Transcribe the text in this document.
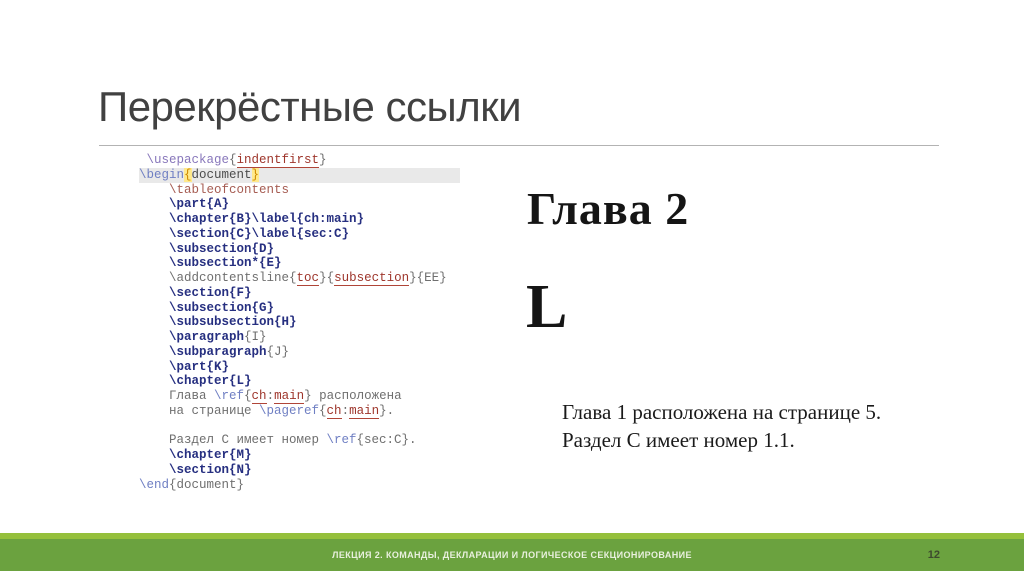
Перекрёстные ссылки
\usepackage{indentfirst}
\begin{document}
\tableofcontents
\part{A}
\chapter{B}\label{ch:main}
\section{C}\label{sec:C}
\subsection{D}
\subsection*{E}
\addcontentsline{toc}{subsection}{EE}
\section{F}
\subsection{G}
\subsubsection{H}
\paragraph{I}
\subparagraph{J}
\part{K}
\chapter{L}
Глава \ref{ch:main} расположена
на странице \pageref{ch:main}.

Раздел C имеет номер \ref{sec:C}.
\chapter{M}
\section{N}
\end{document}
Глава 2
L
Глава 1 расположена на странице 5.
Раздел C имеет номер 1.1.
ЛЕКЦИЯ 2. КОМАНДЫ, ДЕКЛАРАЦИИ И ЛОГИЧЕСКОЕ СЕКЦИОНИРОВАНИЕ	12
